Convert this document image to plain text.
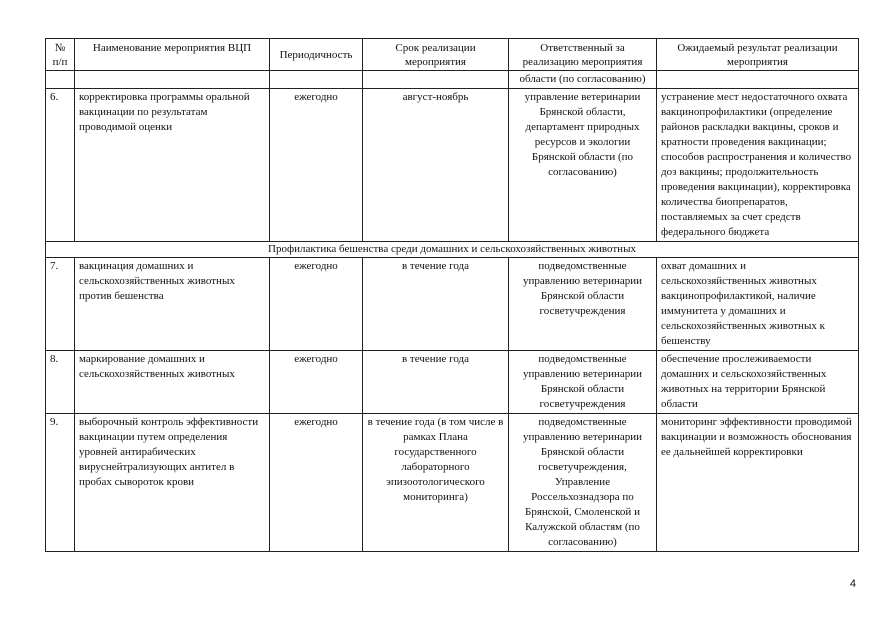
№ п/п	Наименование мероприятия ВЦП	Периодичность	Срок реализации мероприятия	Ответственный за реализацию мероприятия	Ожидаемый результат реализации мероприятия
				области (по согласованию)	
6.	корректировка программы оральной вакцинации по результатам проводимой оценки	ежегодно	август-ноябрь	управление ветеринарии Брянской области, департамент природных ресурсов и экологии Брянской области (по согласованию)	устранение мест недостаточного охвата вакцинопрофилактики (определение районов раскладки вакцины, сроков и кратности проведения вакцинации; способов распространения и количество доз вакцины; продолжительность проведения вакцинации), корректировка количества биопрепаратов, поставляемых за счет средств федерального бюджета
Профилактика бешенства среди домашних и сельскохозяйственных животных					
7.	вакцинация домашних и сельскохозяйственных животных против бешенства	ежегодно	в течение года	подведомственные управлению ветеринарии Брянской области госветучреждения	охват домашних и сельскохозяйственных животных вакцинопрофилактикой, наличие иммунитета у домашних и сельскохозяйственных животных к бешенству
8.	маркирование домашних и сельскохозяйственных животных	ежегодно	в течение года	подведомственные управлению ветеринарии Брянской области госветучреждения	обеспечение прослеживаемости домашних и сельскохозяйственных животных на территории Брянской области
9.	выборочный контроль эффективности вакцинации путем определения уровней антирабических вируснейтрализующих антител в пробах сывороток крови	ежегодно	в течение года (в том числе в рамках Плана государственного лабораторного эпизоотологического мониторинга)	подведомственные управлению ветеринарии Брянской области госветучреждения, Управление Россельхознадзора по Брянской, Смоленской и Калужской областям (по согласованию)	мониторинг эффективности проводимой вакцинации и возможность обоснования ее дальнейшей корректировки
4
